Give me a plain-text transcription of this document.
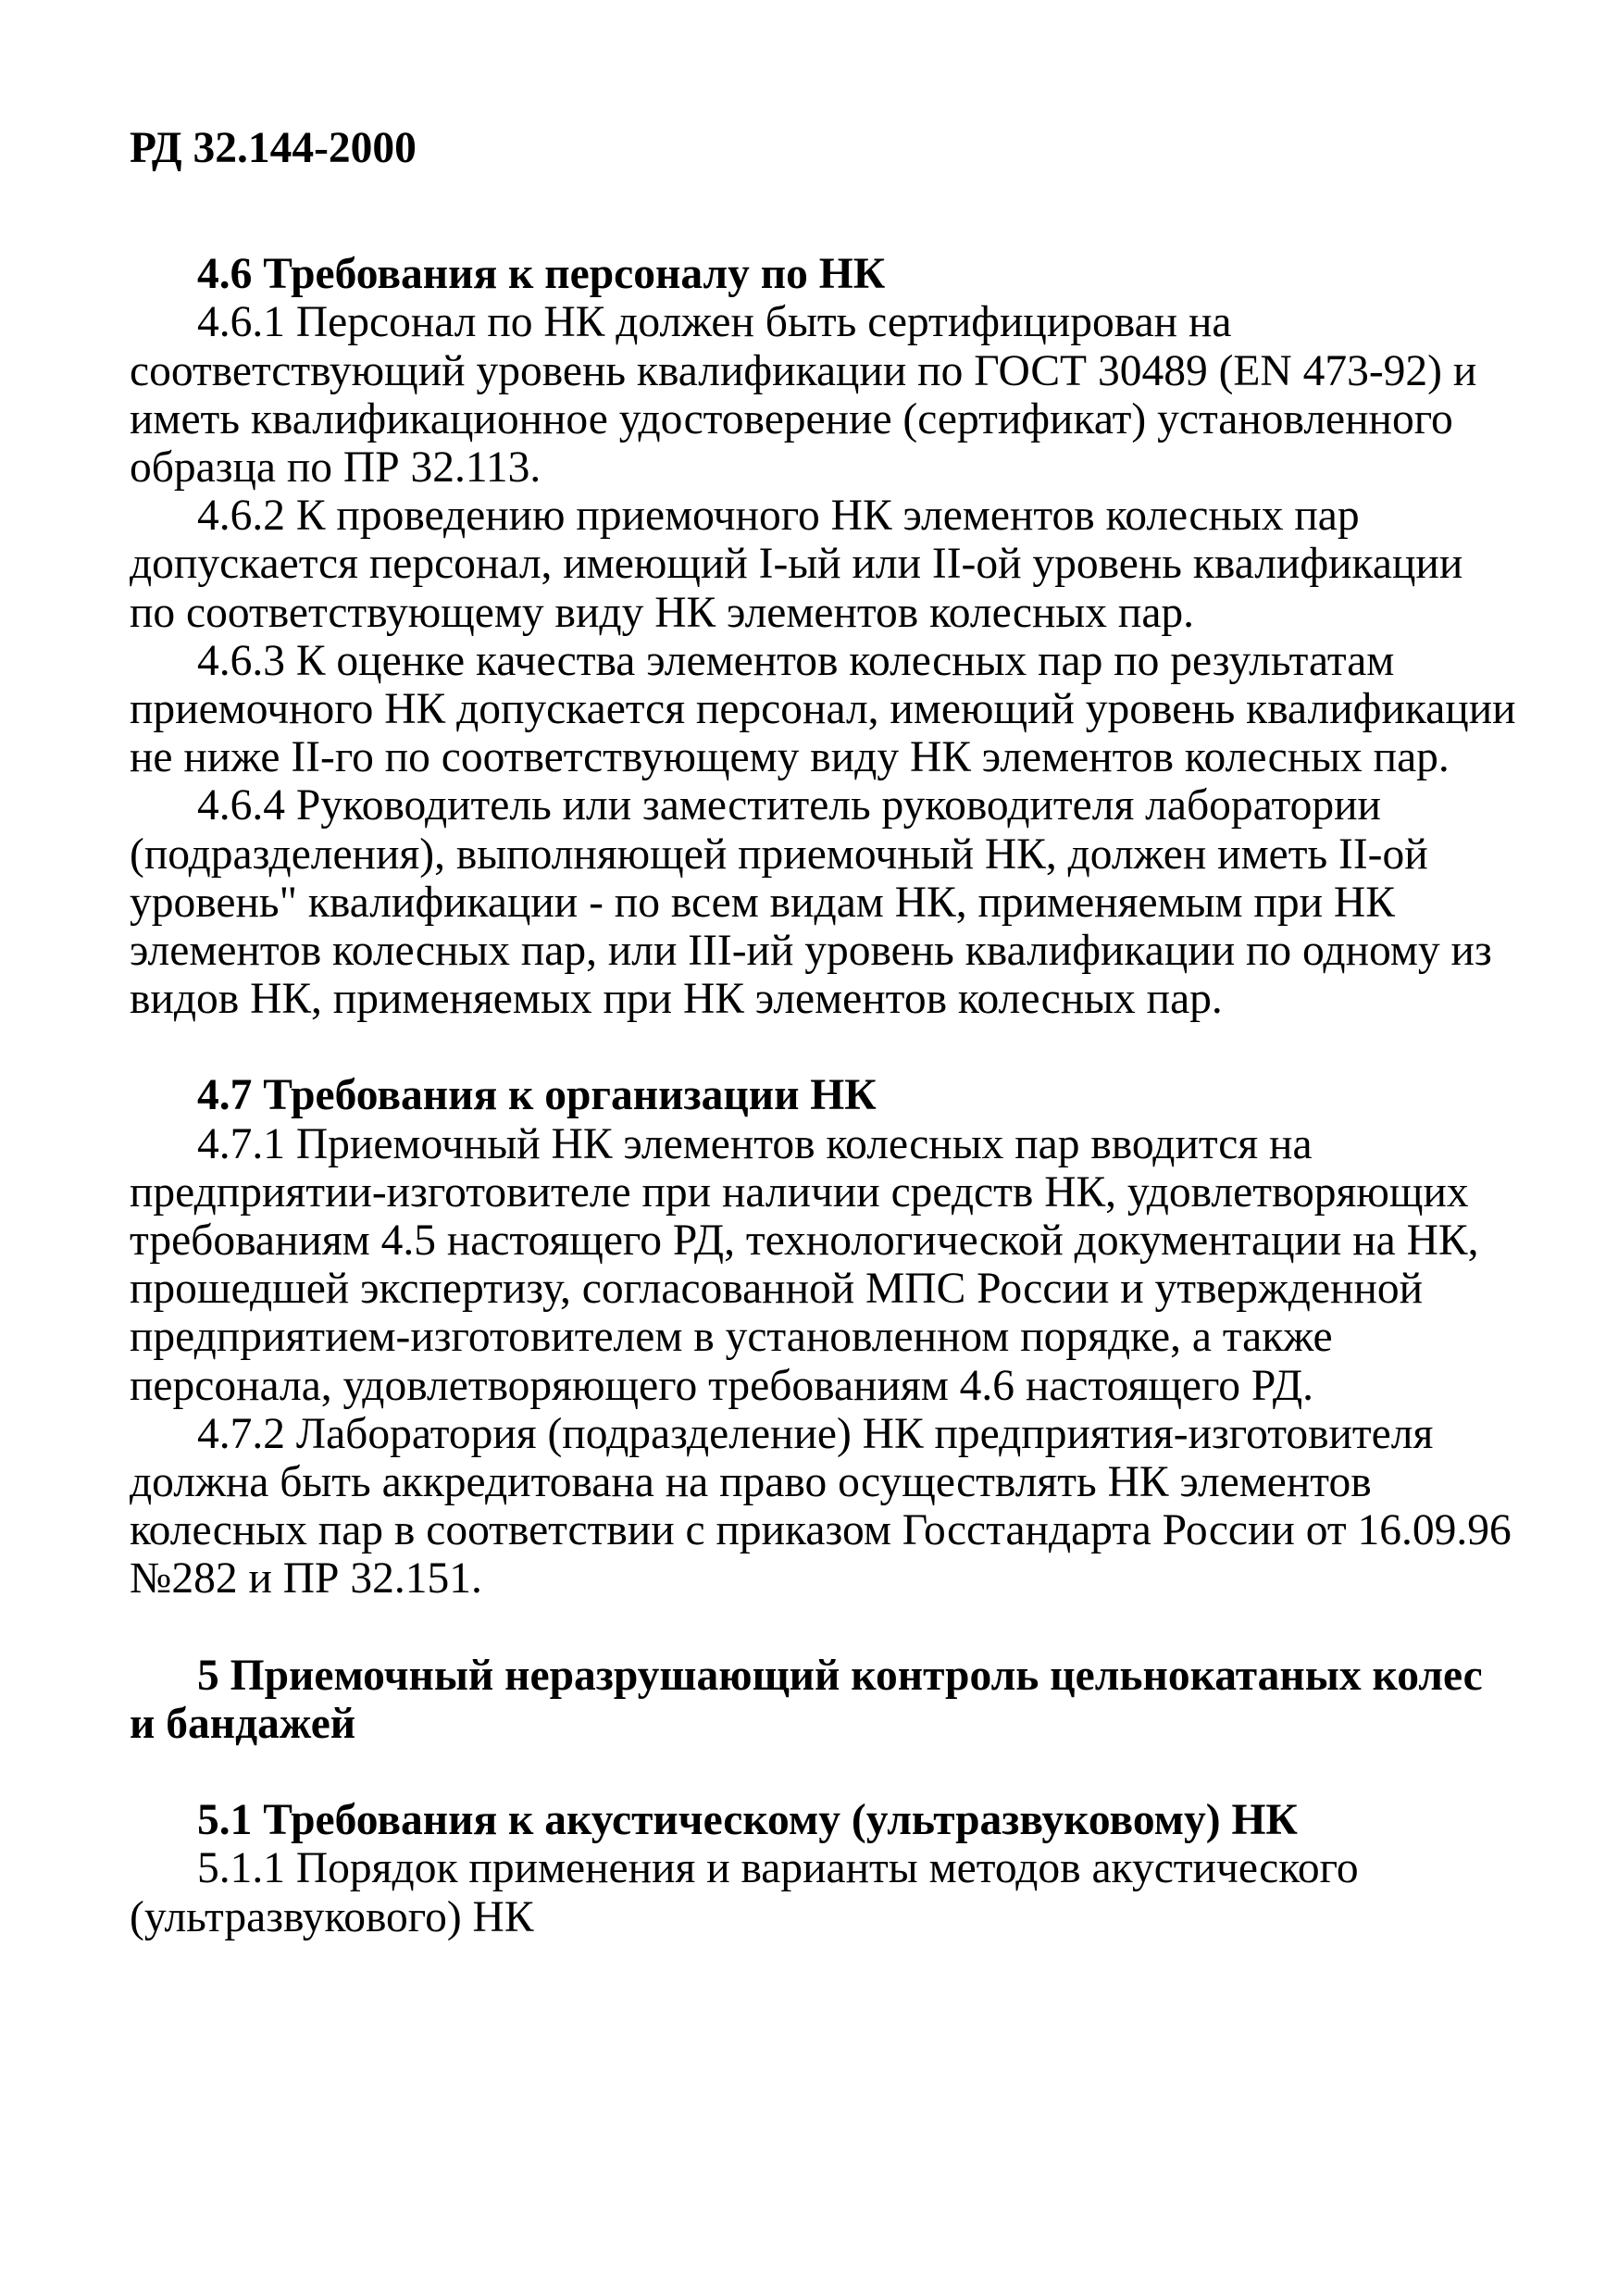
РД 32.144-2000
4.6 Требования к персоналу по НК
4.6.1 Персонал по НК должен быть сертифицирован на соответствующий уровень квалификации по ГОСТ 30489 (EN 473-92) и иметь квалификационное удостоверение (сертификат) установленного образца по ПР 32.113.
4.6.2 К проведению приемочного НК элементов колесных пар допускается персонал, имеющий I-ый или II-ой уровень квалификации по соответствующему виду НК элементов колесных пар.
4.6.3 К оценке качества элементов колесных пар по результатам приемочного НК допускается персонал, имеющий уровень квалификации не ниже II-го по соответствующему виду НК элементов колесных пар.
4.6.4 Руководитель или заместитель руководителя лаборатории (подразделения), выполняющей приемочный НК, должен иметь II-ой уровень" квалификации - по всем видам НК, применяемым при НК элементов колесных пар, или III-ий уровень квалификации по одному из видов НК, применяемых при НК элементов колесных пар.
4.7 Требования к организации НК
4.7.1 Приемочный НК элементов колесных пар вводится на предприятии-изготовителе при наличии средств НК, удовлетворяющих требованиям 4.5 настоящего РД, технологической документации на НК, прошедшей экспертизу, согласованной МПС России и утвержденной предприятием-изготовителем в установленном порядке, а также персонала, удовлетворяющего требованиям 4.6 настоящего РД.
4.7.2 Лаборатория (подразделение) НК предприятия-изготовителя должна быть аккредитована на право осуществлять НК элементов колесных пар в соответствии с приказом Госстандарта России от 16.09.96 №282 и ПР 32.151.
5 Приемочный неразрушающий контроль цельнокатаных колес и бандажей
5.1 Требования к акустическому (ультразвуковому) НК
5.1.1 Порядок применения и варианты методов акустического (ультразвукового) НК
